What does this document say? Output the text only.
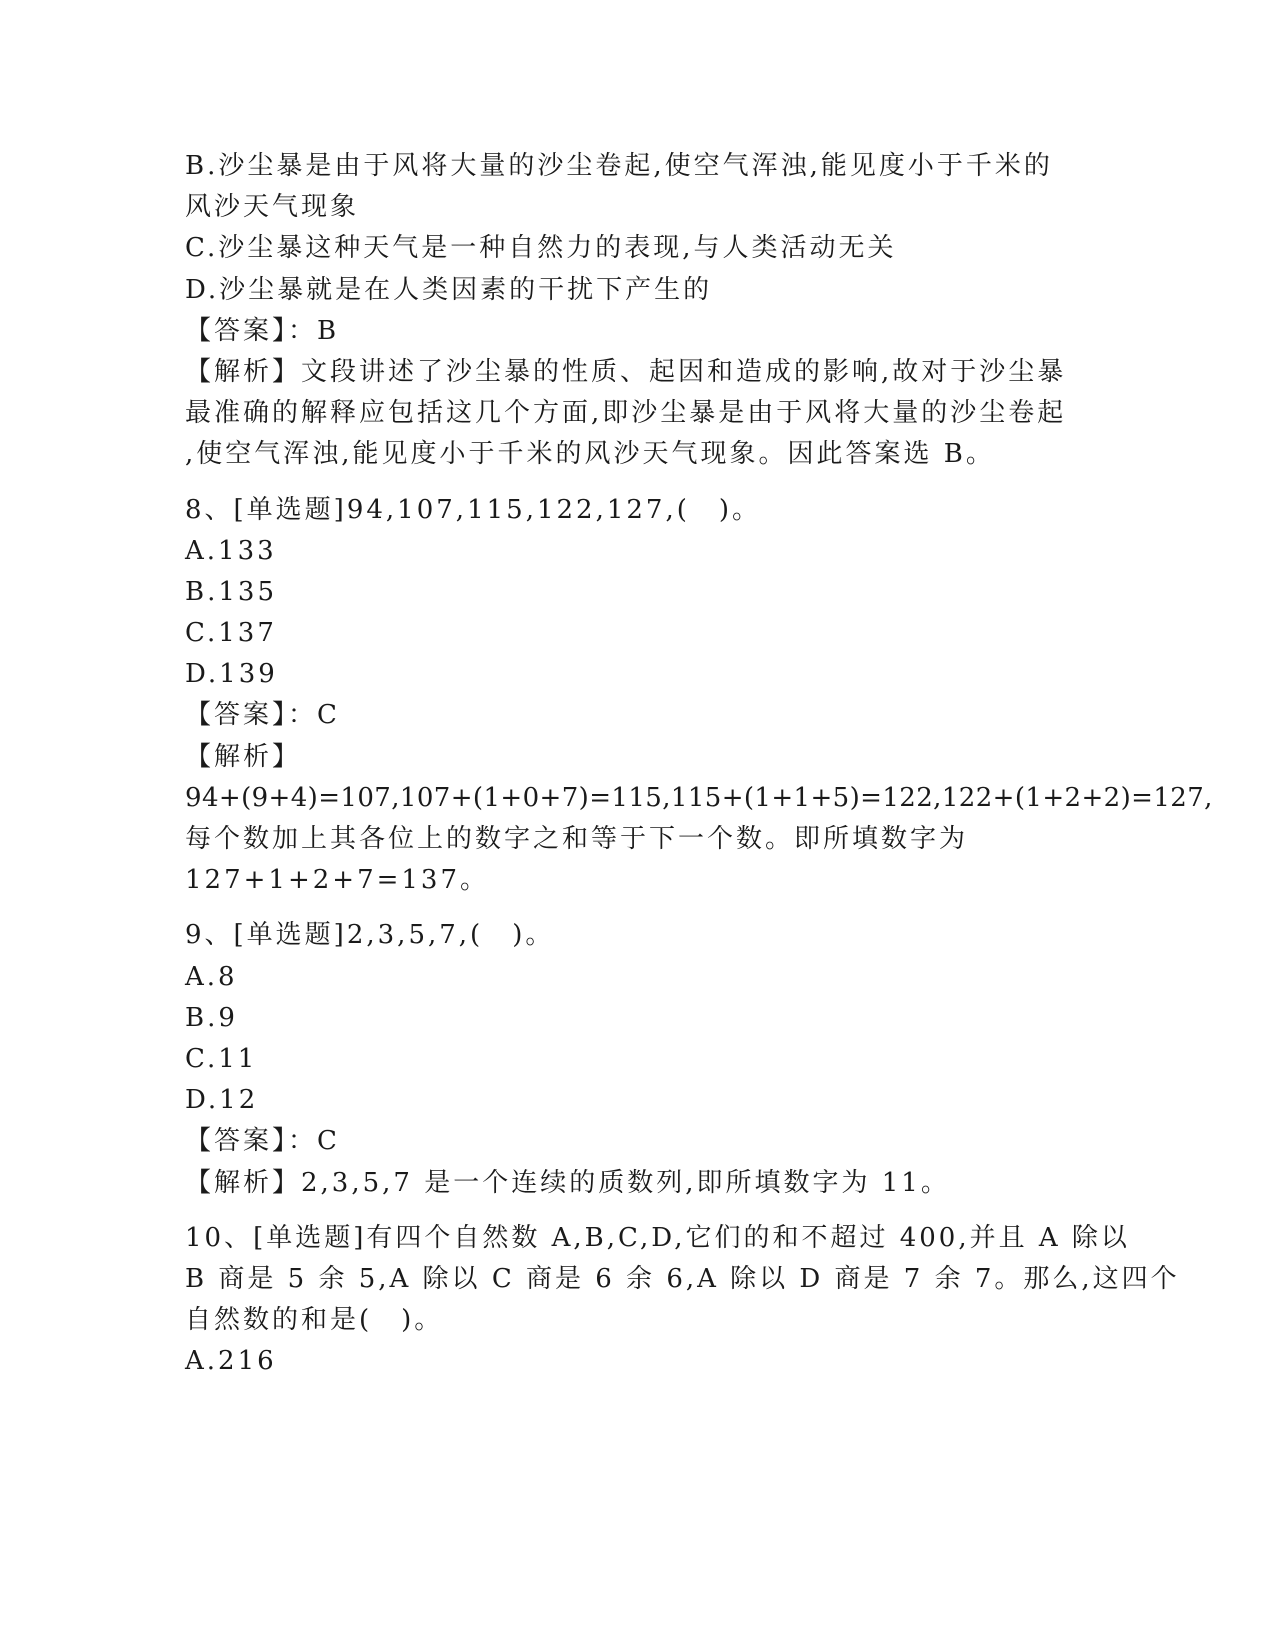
B.沙尘暴是由于风将大量的沙尘卷起,使空气浑浊,能见度小于千米的
风沙天气现象
C.沙尘暴这种天气是一种自然力的表现,与人类活动无关
D.沙尘暴就是在人类因素的干扰下产生的
【答案】：B
【解析】文段讲述了沙尘暴的性质、起因和造成的影响,故对于沙尘暴
最准确的解释应包括这几个方面,即沙尘暴是由于风将大量的沙尘卷起
,使空气浑浊,能见度小于千米的风沙天气现象。因此答案选 B。
8、[单选题]94,107,115,122,127,(　)。
A.133
B.135
C.137
D.139
【答案】：C
【解析】
94+(9+4)=107,107+(1+0+7)=115,115+(1+1+5)=122,122+(1+2+2)=127,
每个数加上其各位上的数字之和等于下一个数。即所填数字为
127+1+2+7=137。
9、[单选题]2,3,5,7,(　)。
A.8
B.9
C.11
D.12
【答案】：C
【解析】2,3,5,7 是一个连续的质数列,即所填数字为 11。
10、[单选题]有四个自然数 A,B,C,D,它们的和不超过 400,并且 A 除以
B 商是 5 余 5,A 除以 C 商是 6 余 6,A 除以 D 商是 7 余 7。那么,这四个
自然数的和是(　)。
A.216
